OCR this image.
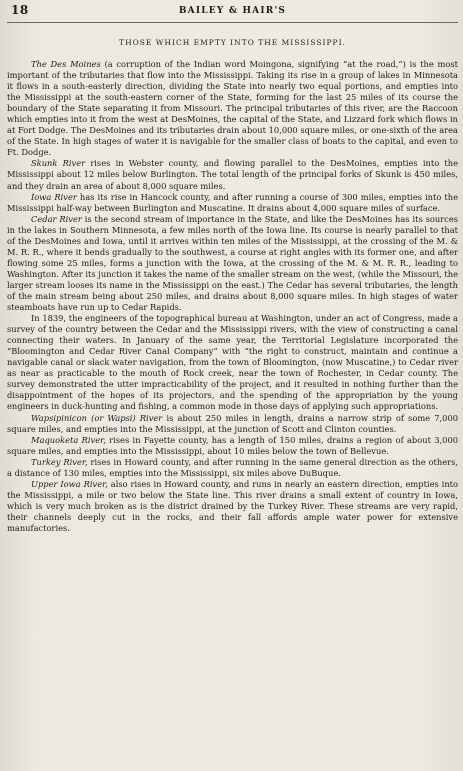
18	BAILEY & HAIR'S
THOSE WHICH EMPTY INTO THE MISSISSIPPI.

The Des Moines (a corruption of the Indian word Moingona, signifying “at the road,”) is the most important of the tributaries that flow into the Mississippi. Taking its rise in a group of lakes in Minnesota it flows in a south-easterly direction, dividing the State into nearly two equal portions, and empties into the Mississippi at the south-eastern corner of the State, forming for the last 25 miles of its course the boundary of the State separating it from Missouri. The principal tributaries of this river, are the Raccoon which empties into it from the west at DesMoines, the capital of the State, and Lizzard fork which flows in at Fort Dodge. The DesMoines and its tributaries drain about 10,000 square miles, or one-sixth of the area of the State. In high stages of water it is navigable for the smaller class of boats to the capital, and even to Ft. Dodge.

Skunk River rises in Webster county, and flowing parallel to the DesMoines, empties into the Mississippi about 12 miles below Burlington. The total length of the principal forks of Skunk is 450 miles, and they drain an area of about 8,000 square miles.

Iowa River has its rise in Hancock county, and after running a course of 300 miles, empties into the Mississippi half-way between Burlington and Muscatine. It drains about 4,000 square miles of surface.

Cedar River is the second stream of importance in the State, and like the DesMoines has its sources in the lakes in Southern Minnesota, a few miles north of the Iowa line. Its course is nearly parallel to that of the DesMoines and Iowa, until it arrives within ten miles of the Mississippi, at the crossing of the M. & M. R. R., where it bends gradually to the southwest, a course at right angles with its former one, and after flowing some 25 miles, forms a junction with the Iowa, at the crossing of the M. & M. R. R., leading to Washington. After its junction it takes the name of the smaller stream on the west, (while the Missouri, the larger stream looses its name in the Mississippi on the east.) The Cedar has several tributaries, the length of the main stream being about 250 miles, and drains about 8,000 square miles. In high stages of water steamboats have run up to Cedar Rapids.

In 1839, the engineers of the topographical bureau at Washington, under an act of Congress, made a survey of the country between the Cedar and the Mississippi rivers, with the view of constructing a canal connecting their waters. In January of the same year, the Territorial Legislature incorporated the “Bloomington and Cedar River Canal Company” with “the right to construct, maintain and continue a navigable canal or slack water navigation, from the town of Bloomington, (now Muscatine,) to Cedar river as near as practicable to the mouth of Rock creek, near the town of Rochester, in Cedar county. The survey demonstrated the utter impracticability of the project, and it resulted in nothing further than the disappointment of the hopes of its projectors, and the spending of the appropriation by the young engineers in duck-hunting and fishing, a common mode in those days of applying such appropriations.

Wapsipinicon (or Wapsi) River is about 250 miles in length, drains a narrow strip of some 7,000 square miles, and empties into the Mississippi, at the junction of Scott and Clinton counties.

Maquoketa River, rises in Fayette county, has a length of 150 miles, drains a region of about 3,000 square miles, and empties into the Mississippi, about 10 miles below the town of Bellevue.

Turkey River, rises in Howard county, and after running in the same general direction as the others, a distance of 130 miles, empties into the Mississippi, six miles above DuBuque.

Upper Iowa River, also rises in Howard county, and runs in nearly an eastern direction, empties into the Mississippi, a mile or two below the State line. This river drains a small extent of country in Iowa, which is very much broken as is the district drained by the Turkey River. These streams are very rapid, their channels deeply cut in the rocks, and their fall affords ample water power for extensive manufactories.
